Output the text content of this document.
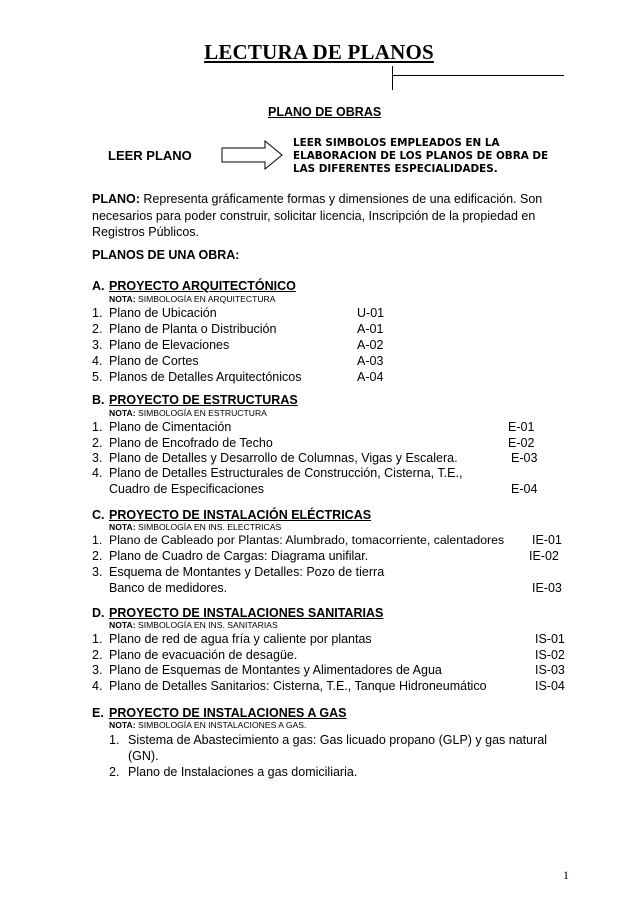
LECTURA DE PLANOS
PLANO DE OBRAS
LEER PLANO
LEER SIMBOLOS EMPLEADOS EN LA
ELABORACION DE LOS PLANOS DE OBRA DE
LAS DIFERENTES ESPECIALIDADES.
PLANO: Representa gráficamente formas y dimensiones de una edificación. Son
necesarios para poder construir, solicitar licencia, Inscripción de la propiedad en
Registros Públicos.
PLANOS DE UNA OBRA:
A. PROYECTO ARQUITECTÓNICO
NOTA: SIMBOLOGÍA EN ARQUITECTURA
1. Plano de Ubicación	U-01
2. Plano de Planta o Distribución	A-01
3. Plano de Elevaciones	A-02
4. Plano de Cortes	A-03
5. Planos de Detalles Arquitectónicos	A-04
B. PROYECTO DE ESTRUCTURAS
NOTA: SIMBOLOGÍA EN ESTRUCTURA
1. Plano de Cimentación	E-01
2. Plano de Encofrado de Techo	E-02
3. Plano de Detalles y Desarrollo de Columnas, Vigas y Escalera.	E-03
4. Plano de Detalles Estructurales de Construcción, Cisterna, T.E.,
Cuadro de Especificaciones	E-04
C. PROYECTO DE INSTALACIÓN ELÉCTRICAS
NOTA: SIMBOLOGÍA EN INS. ELECTRICAS
1. Plano de Cableado por Plantas: Alumbrado, tomacorriente, calentadores IE-01
2. Plano de Cuadro de Cargas: Diagrama unifilar.	IE-02
3. Esquema de Montantes y Detalles: Pozo de tierra
Banco de medidores.	IE-03
D. PROYECTO DE INSTALACIONES SANITARIAS
NOTA: SIMBOLOGÍA EN INS. SANITARIAS
1. Plano de red de agua fría y caliente por plantas	IS-01
2. Plano de evacuación de desagüe.	IS-02
3. Plano de Esquemas de Montantes y Alimentadores de Agua	IS-03
4. Plano de Detalles Sanitarios: Cisterna, T.E., Tanque Hidroneumático	IS-04
E. PROYECTO DE INSTALACIONES A GAS
NOTA: SIMBOLOGÍA EN INSTALACIONES A GAS.
1. Sistema de Abastecimiento a gas: Gas licuado propano (GLP) y gas natural
(GN).
2. Plano de Instalaciones a gas domiciliaria.
1
